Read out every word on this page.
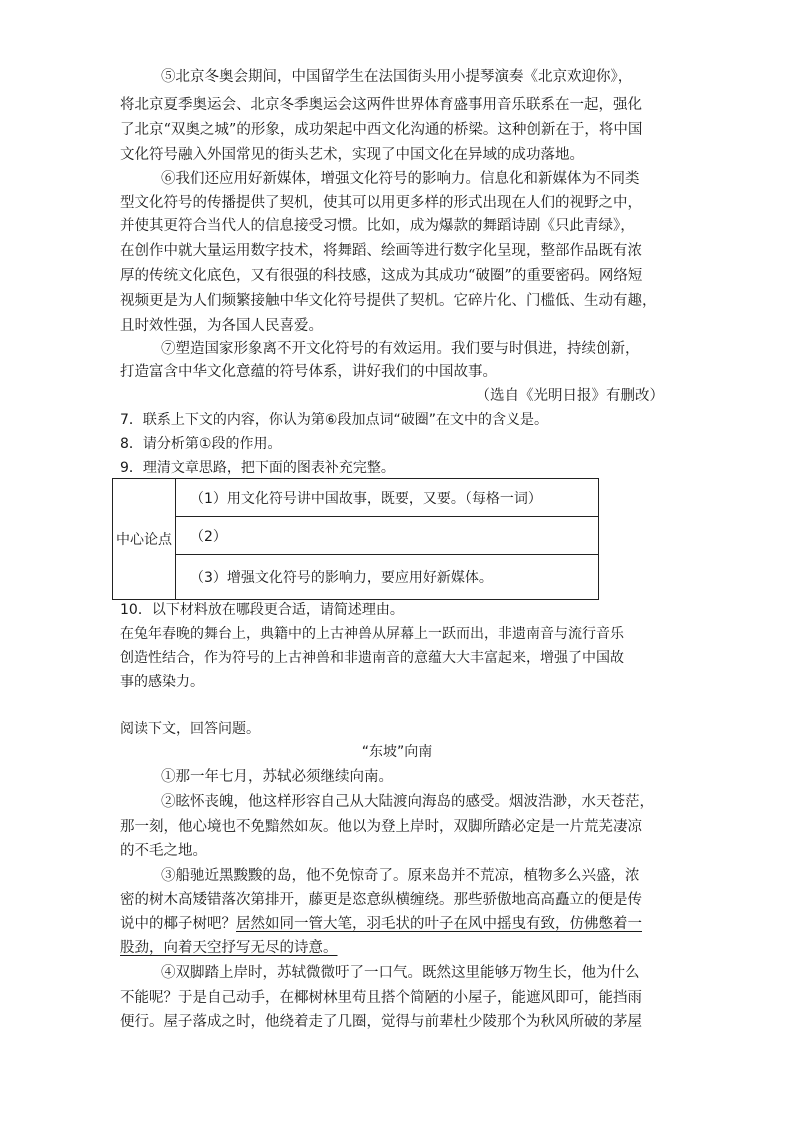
⑤北京冬奥会期间，中国留学生在法国街头用小提琴演奏《北京欢迎你》，
将北京夏季奥运会、北京冬季奥运会这两件世界体育盛事用音乐联系在一起，强化
了北京“双奥之城”的形象，成功架起中西文化沟通的桥梁。这种创新在于，将中国
文化符号融入外国常见的街头艺术，实现了中国文化在异域的成功落地。
⑥我们还应用好新媒体，增强文化符号的影响力。信息化和新媒体为不同类
型文化符号的传播提供了契机，使其可以用更多样的形式出现在人们的视野之中，
并使其更符合当代人的信息接受习惯。比如，成为爆款的舞蹈诗剧《只此青绿》，
在创作中就大量运用数字技术，将舞蹈、绘画等进行数字化呈现，整部作品既有浓
厚的传统文化底色，又有很强的科技感，这成为其成功“破圈”的重要密码。网络短
视频更是为人们频繁接触中华文化符号提供了契机。它碎片化、门槛低、生动有趣，
且时效性强，为各国人民喜爱。
⑦塑造国家形象离不开文化符号的有效运用。我们要与时俱进，持续创新，
打造富含中华文化意蕴的符号体系，讲好我们的中国故事。
（选自《光明日报》有删改）
7．联系上下文的内容，你认为第⑥段加点词“破圈”在文中的含义是。
8．请分析第①段的作用。
9．理清文章思路，把下面的图表补充完整。
中心论点	（1）用文化符号讲中国故事，既要，又要。（每格一词）
（2）
（3）增强文化符号的影响力，要应用好新媒体。
10．以下材料放在哪段更合适，请简述理由。
在兔年春晚的舞台上，典籍中的上古神兽从屏幕上一跃而出，非遗南音与流行音乐
创造性结合，作为符号的上古神兽和非遗南音的意蕴大大丰富起来，增强了中国故
事的感染力。
阅读下文，回答问题。
“东坡”向南
①那一年七月，苏轼必须继续向南。
②眩怀丧魄，他这样形容自己从大陆渡向海岛的感受。烟波浩渺，水天苍茫，
那一刻，他心境也不免黯然如灰。他以为登上岸时，双脚所踏必定是一片荒芜凄凉
的不毛之地。
③船驰近黑黢黢的岛，他不免惊奇了。原来岛并不荒凉，植物多么兴盛，浓
密的树木高矮错落次第排开，藤更是恣意纵横缠绕。那些骄傲地高高矗立的便是传
说中的椰子树吧？居然如同一管大笔，羽毛状的叶子在风中摇曳有致，仿佛憋着一
股劲，向着天空抒写无尽的诗意。
④双脚踏上岸时，苏轼微微吁了一口气。既然这里能够万物生长，他为什么
不能呢？于是自己动手，在椰树林里苟且搭个简陋的小屋子，能遮风即可，能挡雨
便行。屋子落成之时，他绕着走了几圈，觉得与前辈杜少陵那个为秋风所破的茅屋
